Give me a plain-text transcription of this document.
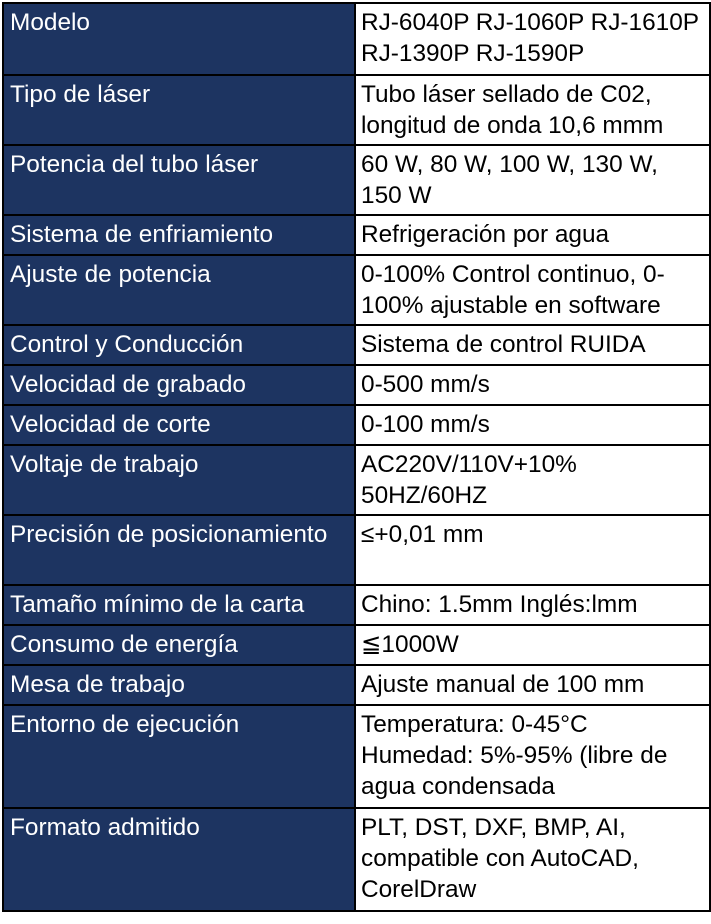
Modelo	RJ-6040P RJ-1060P RJ-1610P RJ-1390P RJ-1590P
Tipo de láser	Tubo láser sellado de C02, longitud de onda 10,6 mmm
Potencia del tubo láser	60 W, 80 W, 100 W, 130 W, 150 W
Sistema de enfriamiento	Refrigeración por agua
Ajuste de potencia	0-100% Control continuo, 0-100% ajustable en software
Control y Conducción	Sistema de control RUIDA
Velocidad de grabado	0-500 mm/s
Velocidad de corte	0-100 mm/s
Voltaje de trabajo	AC220V/110V+10% 50HZ/60HZ
Precisión de posicionamiento	≤+0,01 mm
Tamaño mínimo de la carta	Chino: 1.5mm Inglés:lmm
Consumo de energía	≦1000W
Mesa de trabajo	Ajuste manual de 100 mm
Entorno de ejecución	Temperatura: 0-45°C Humedad: 5%-95% (libre de agua condensada
Formato admitido	PLT, DST, DXF, BMP, AI, compatible con AutoCAD, CorelDraw
